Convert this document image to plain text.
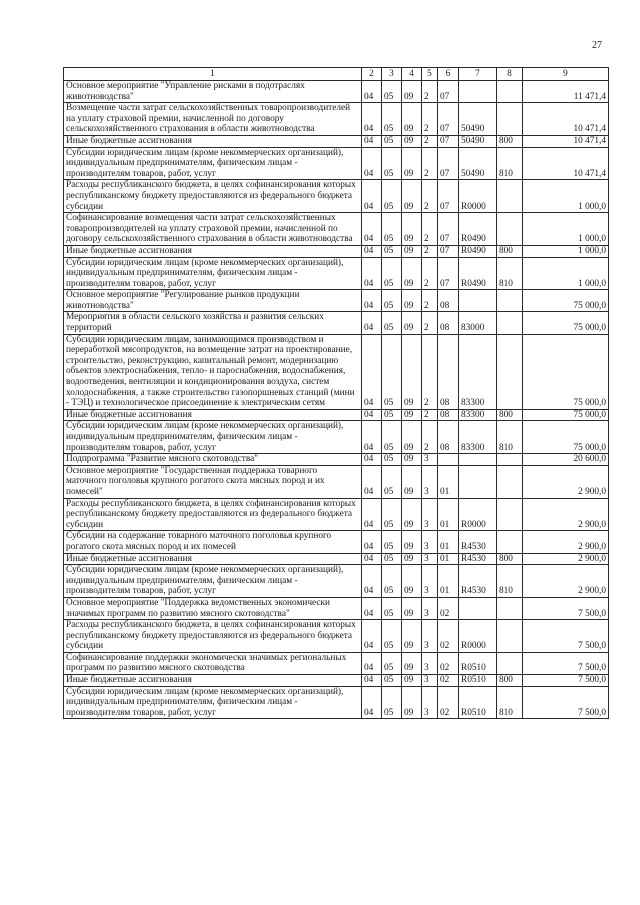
27
1	2	3	4	5	6	7	8	9
Основное мероприятие "Управление рисками в подотраслях животноводства"	04	05	09	2	07			11 471,4
Возмещение части затрат сельскохозяйственных товаропроизводителей на уплату страховой премии, начисленной по договору сельскохозяйственного страхования в области животноводства	04	05	09	2	07	50490		10 471,4
Иные бюджетные ассигнования	04	05	09	2	07	50490	800	10 471,4
Субсидии юридическим лицам (кроме некоммерческих организаций), индивидуальным предпринимателям, физическим лицам - производителям товаров, работ, услуг	04	05	09	2	07	50490	810	10 471,4
Расходы республиканского бюджета, в целях софинансирования которых республиканскому бюджету предоставляются из федерального бюджета субсидии	04	05	09	2	07	R0000		1 000,0
Софинансирование возмещения части затрат сельскохозяйственных товаропроизводителей на уплату страховой премии, начисленной по договору сельскохозяйственного страхования в области животноводства	04	05	09	2	07	R0490		1 000,0
Иные бюджетные ассигнования	04	05	09	2	07	R0490	800	1 000,0
Субсидии юридическим лицам (кроме некоммерческих организаций), индивидуальным предпринимателям, физическим лицам - производителям товаров, работ, услуг	04	05	09	2	07	R0490	810	1 000,0
Основное мероприятие "Регулирование рынков продукции животноводства"	04	05	09	2	08			75 000,0
Мероприятия в области сельского хозяйства и развития сельских территорий	04	05	09	2	08	83000		75 000,0
Субсидии юридическим лицам, занимающимся производством и переработкой мясопродуктов, на возмещение затрат на проектирование, строительство, реконструкцию, капитальный ремонт, модернизацию объектов электроснабжения, тепло- и пароснабжения, водоснабжения, водоотведения, вентиляции и кондиционирования воздуха, систем холодоснабжения, а также строительство газопоршневых станций (мини - ТЭЦ) и технологическое присоединение к электрическим сетям	04	05	09	2	08	83300		75 000,0
Иные бюджетные ассигнования	04	05	09	2	08	83300	800	75 000,0
Субсидии юридическим лицам (кроме некоммерческих организаций), индивидуальным предпринимателям, физическим лицам - производителям товаров, работ, услуг	04	05	09	2	08	83300	810	75 000,0
Подпрограмма "Развитие мясного скотоводства"	04	05	09	3				20 600,0
Основное мероприятие "Государственная поддержка товарного маточного поголовья крупного рогатого скота мясных пород и их помесей"	04	05	09	3	01			2 900,0
Расходы республиканского бюджета, в целях софинансирования которых республиканскому бюджету предоставляются из федерального бюджета субсидии	04	05	09	3	01	R0000		2 900,0
Субсидии на содержание товарного маточного поголовья крупного рогатого скота мясных пород и их помесей	04	05	09	3	01	R4530		2 900,0
Иные бюджетные ассигнования	04	05	09	3	01	R4530	800	2 900,0
Субсидии юридическим лицам (кроме некоммерческих организаций), индивидуальным предпринимателям, физическим лицам - производителям товаров, работ, услуг	04	05	09	3	01	R4530	810	2 900,0
Основное мероприятие "Поддержка ведомственных экономически значимых программ по развитию мясного скотоводства"	04	05	09	3	02			7 500,0
Расходы республиканского бюджета, в целях софинансирования которых республиканскому бюджету предоставляются из федерального бюджета субсидии	04	05	09	3	02	R0000		7 500,0
Софинансирование поддержки экономически значимых региональных программ по развитию мясного скотоводства	04	05	09	3	02	R0510		7 500,0
Иные бюджетные ассигнования	04	05	09	3	02	R0510	800	7 500,0
Субсидии юридическим лицам (кроме некоммерческих организаций), индивидуальным предпринимателям, физическим лицам - производителям товаров, работ, услуг	04	05	09	3	02	R0510	810	7 500,0
